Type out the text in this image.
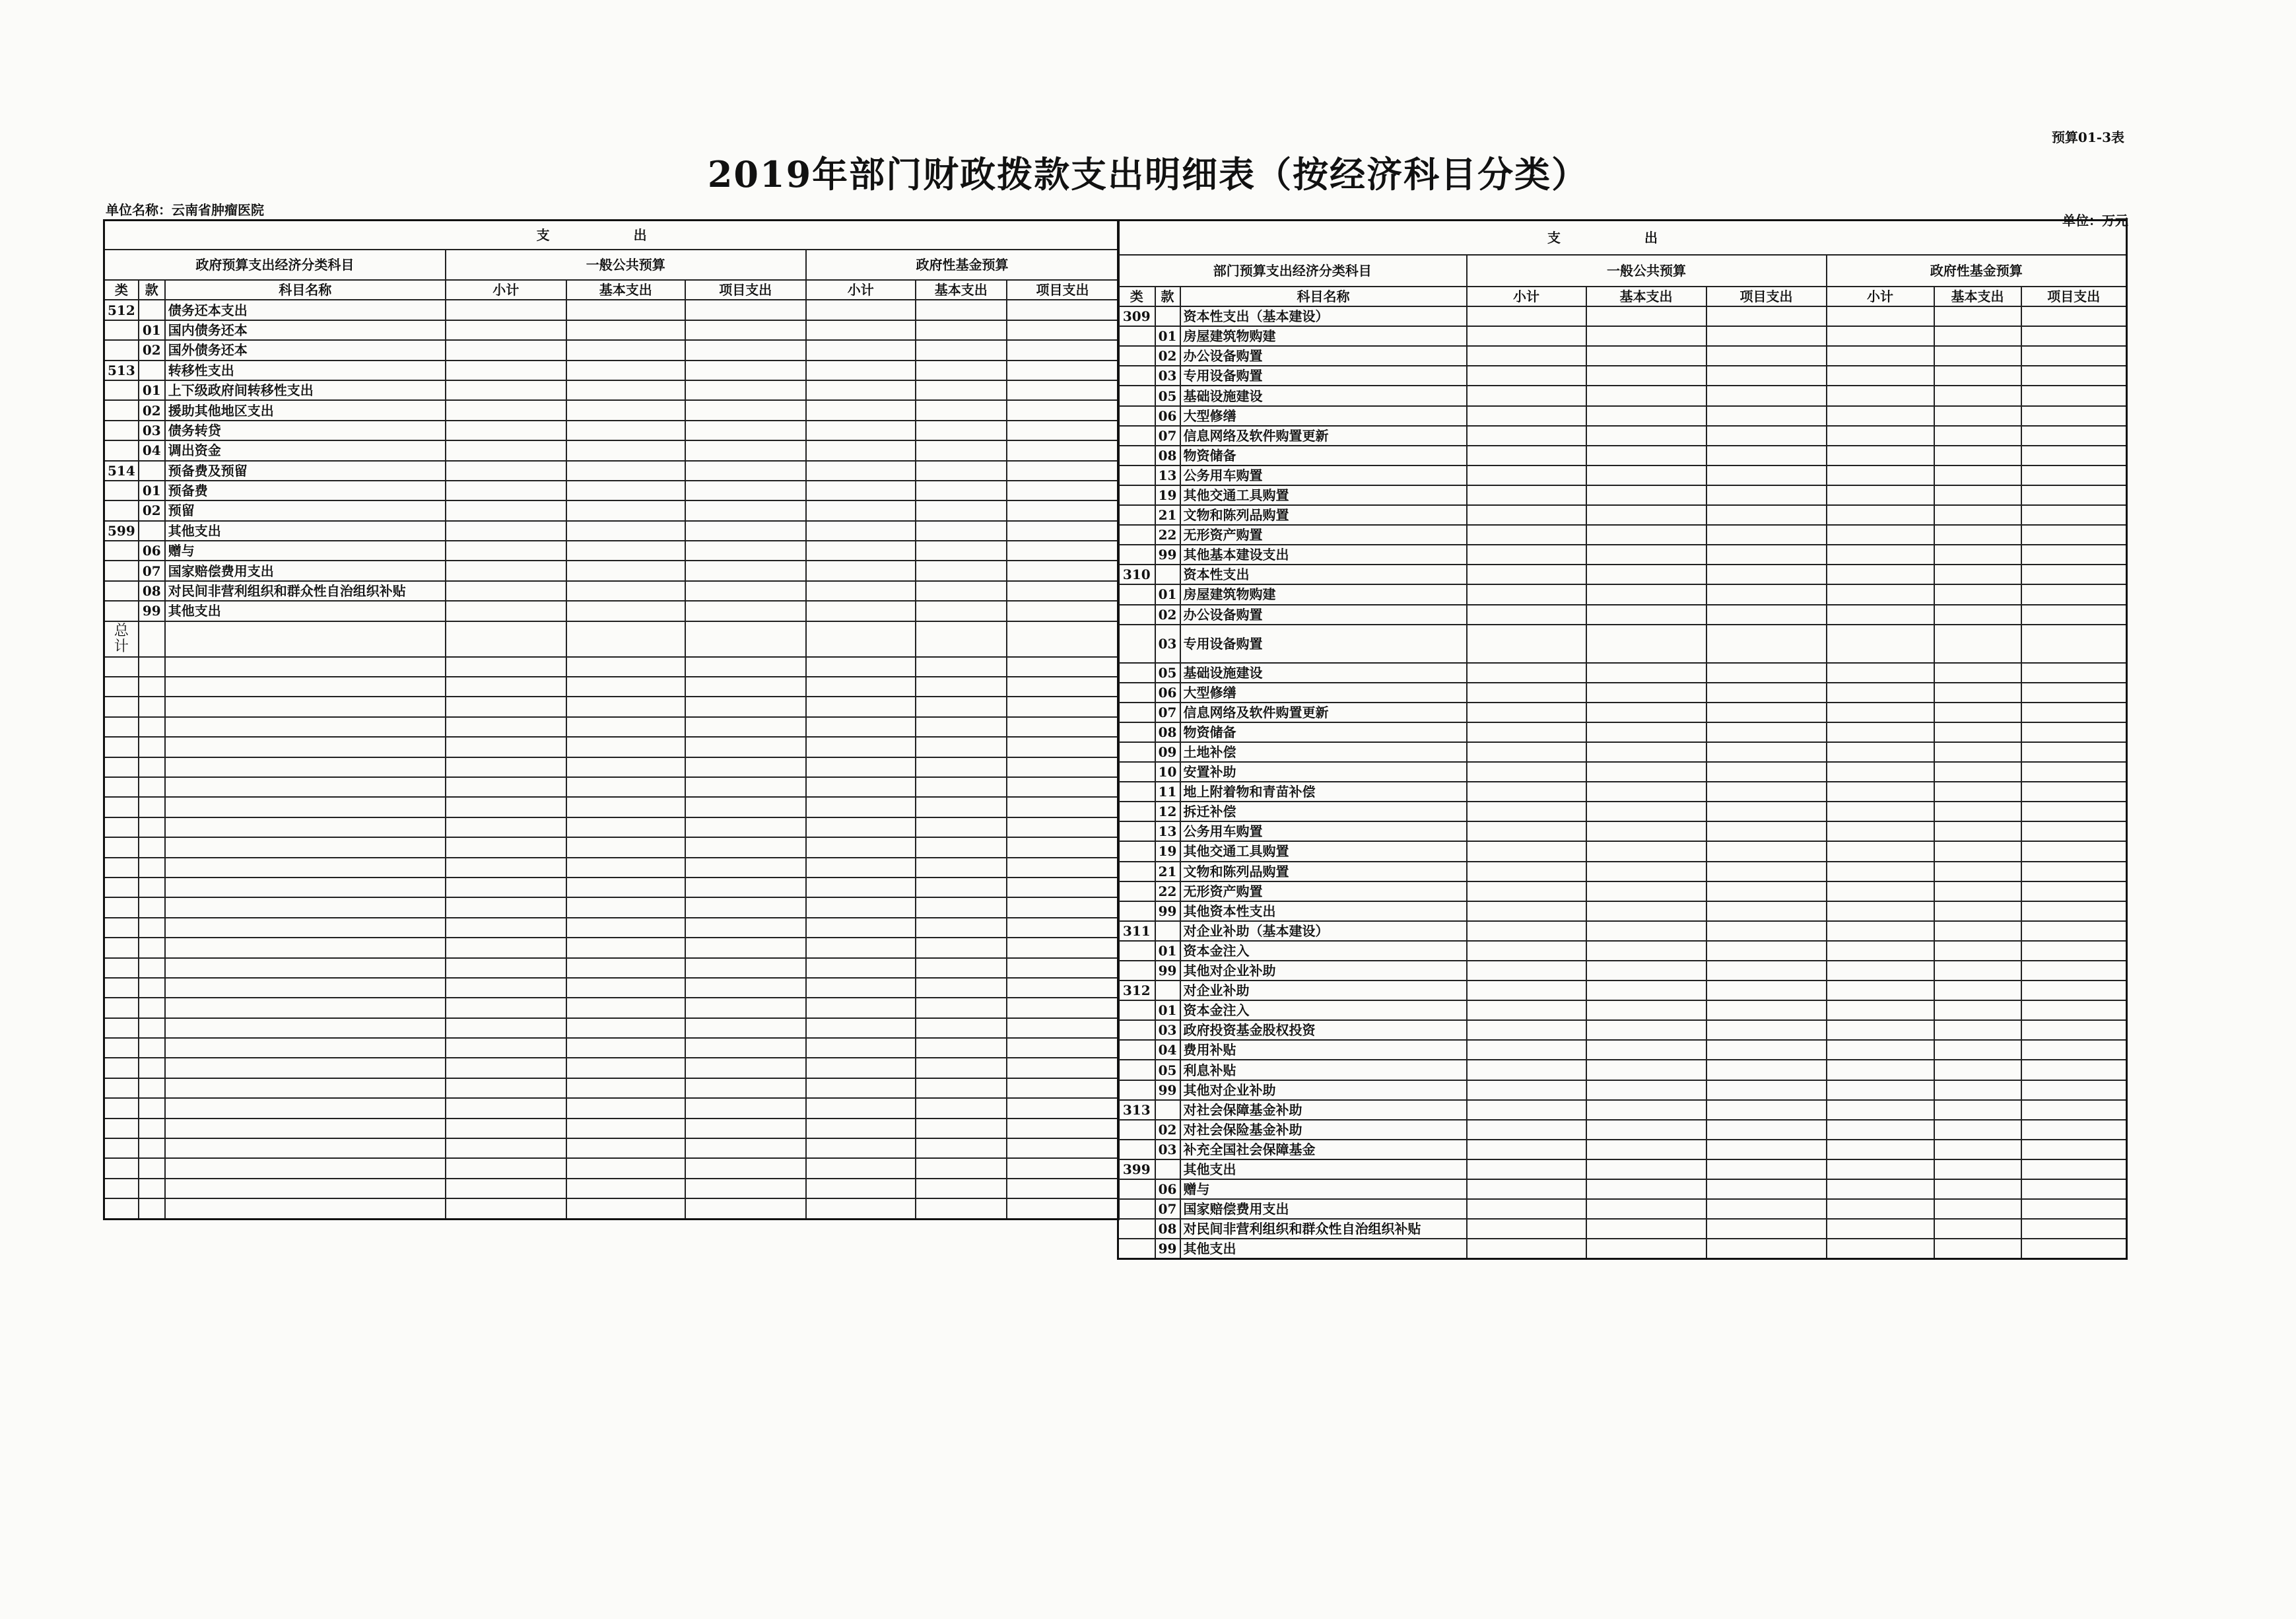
预算01-3表
2019年部门财政拨款支出明细表（按经济科目分类）
单位名称：云南省肿瘤医院
单位：万元
支 出								
政府预算支出经济分类科目			一般公共预算			政府性基金预算		
类	款	科目名称	小计	基本支出	项目支出	小计	基本支出	项目支出
512		债务还本支出						
	01	国内债务还本						
	02	国外债务还本						
513		转移性支出						
	01	上下级政府间转移性支出						
	02	援助其他地区支出						
	03	债务转贷						
	04	调出资金						
514		预备费及预留						
	01	预备费						
	02	预留						
599		其他支出						
	06	赠与						
	07	国家赔偿费用支出						
	08	对民间非营利组织和群众性自治组织补贴						
	99	其他支出						

总计								

支 出								
部门预算支出经济分类科目			一般公共预算			政府性基金预算		
类	款	科目名称	小计	基本支出	项目支出	小计	基本支出	项目支出
309		资本性支出（基本建设）						
	01	房屋建筑物购建						
	02	办公设备购置						
	03	专用设备购置						
	05	基础设施建设						
	06	大型修缮						
	07	信息网络及软件购置更新						
	08	物资储备						
	13	公务用车购置						
	19	其他交通工具购置						
	21	文物和陈列品购置						
	22	无形资产购置						
	99	其他基本建设支出						
310		资本性支出						
	01	房屋建筑物购建						
	02	办公设备购置						
	03	专用设备购置						
	05	基础设施建设						
	06	大型修缮						
	07	信息网络及软件购置更新						
	08	物资储备						
	09	土地补偿						
	10	安置补助						
	11	地上附着物和青苗补偿						
	12	拆迁补偿						
	13	公务用车购置						
	19	其他交通工具购置						
	21	文物和陈列品购置						
	22	无形资产购置						
	99	其他资本性支出						
311		对企业补助（基本建设）						
	01	资本金注入						
	99	其他对企业补助						
312		对企业补助						
	01	资本金注入						
	03	政府投资基金股权投资						
	04	费用补贴						
	05	利息补贴						
	99	其他对企业补助						
313		对社会保障基金补助						
	02	对社会保险基金补助						
	03	补充全国社会保障基金						
399		其他支出						
	06	赠与						
	07	国家赔偿费用支出						
	08	对民间非营利组织和群众性自治组织补贴						
	99	其他支出						
